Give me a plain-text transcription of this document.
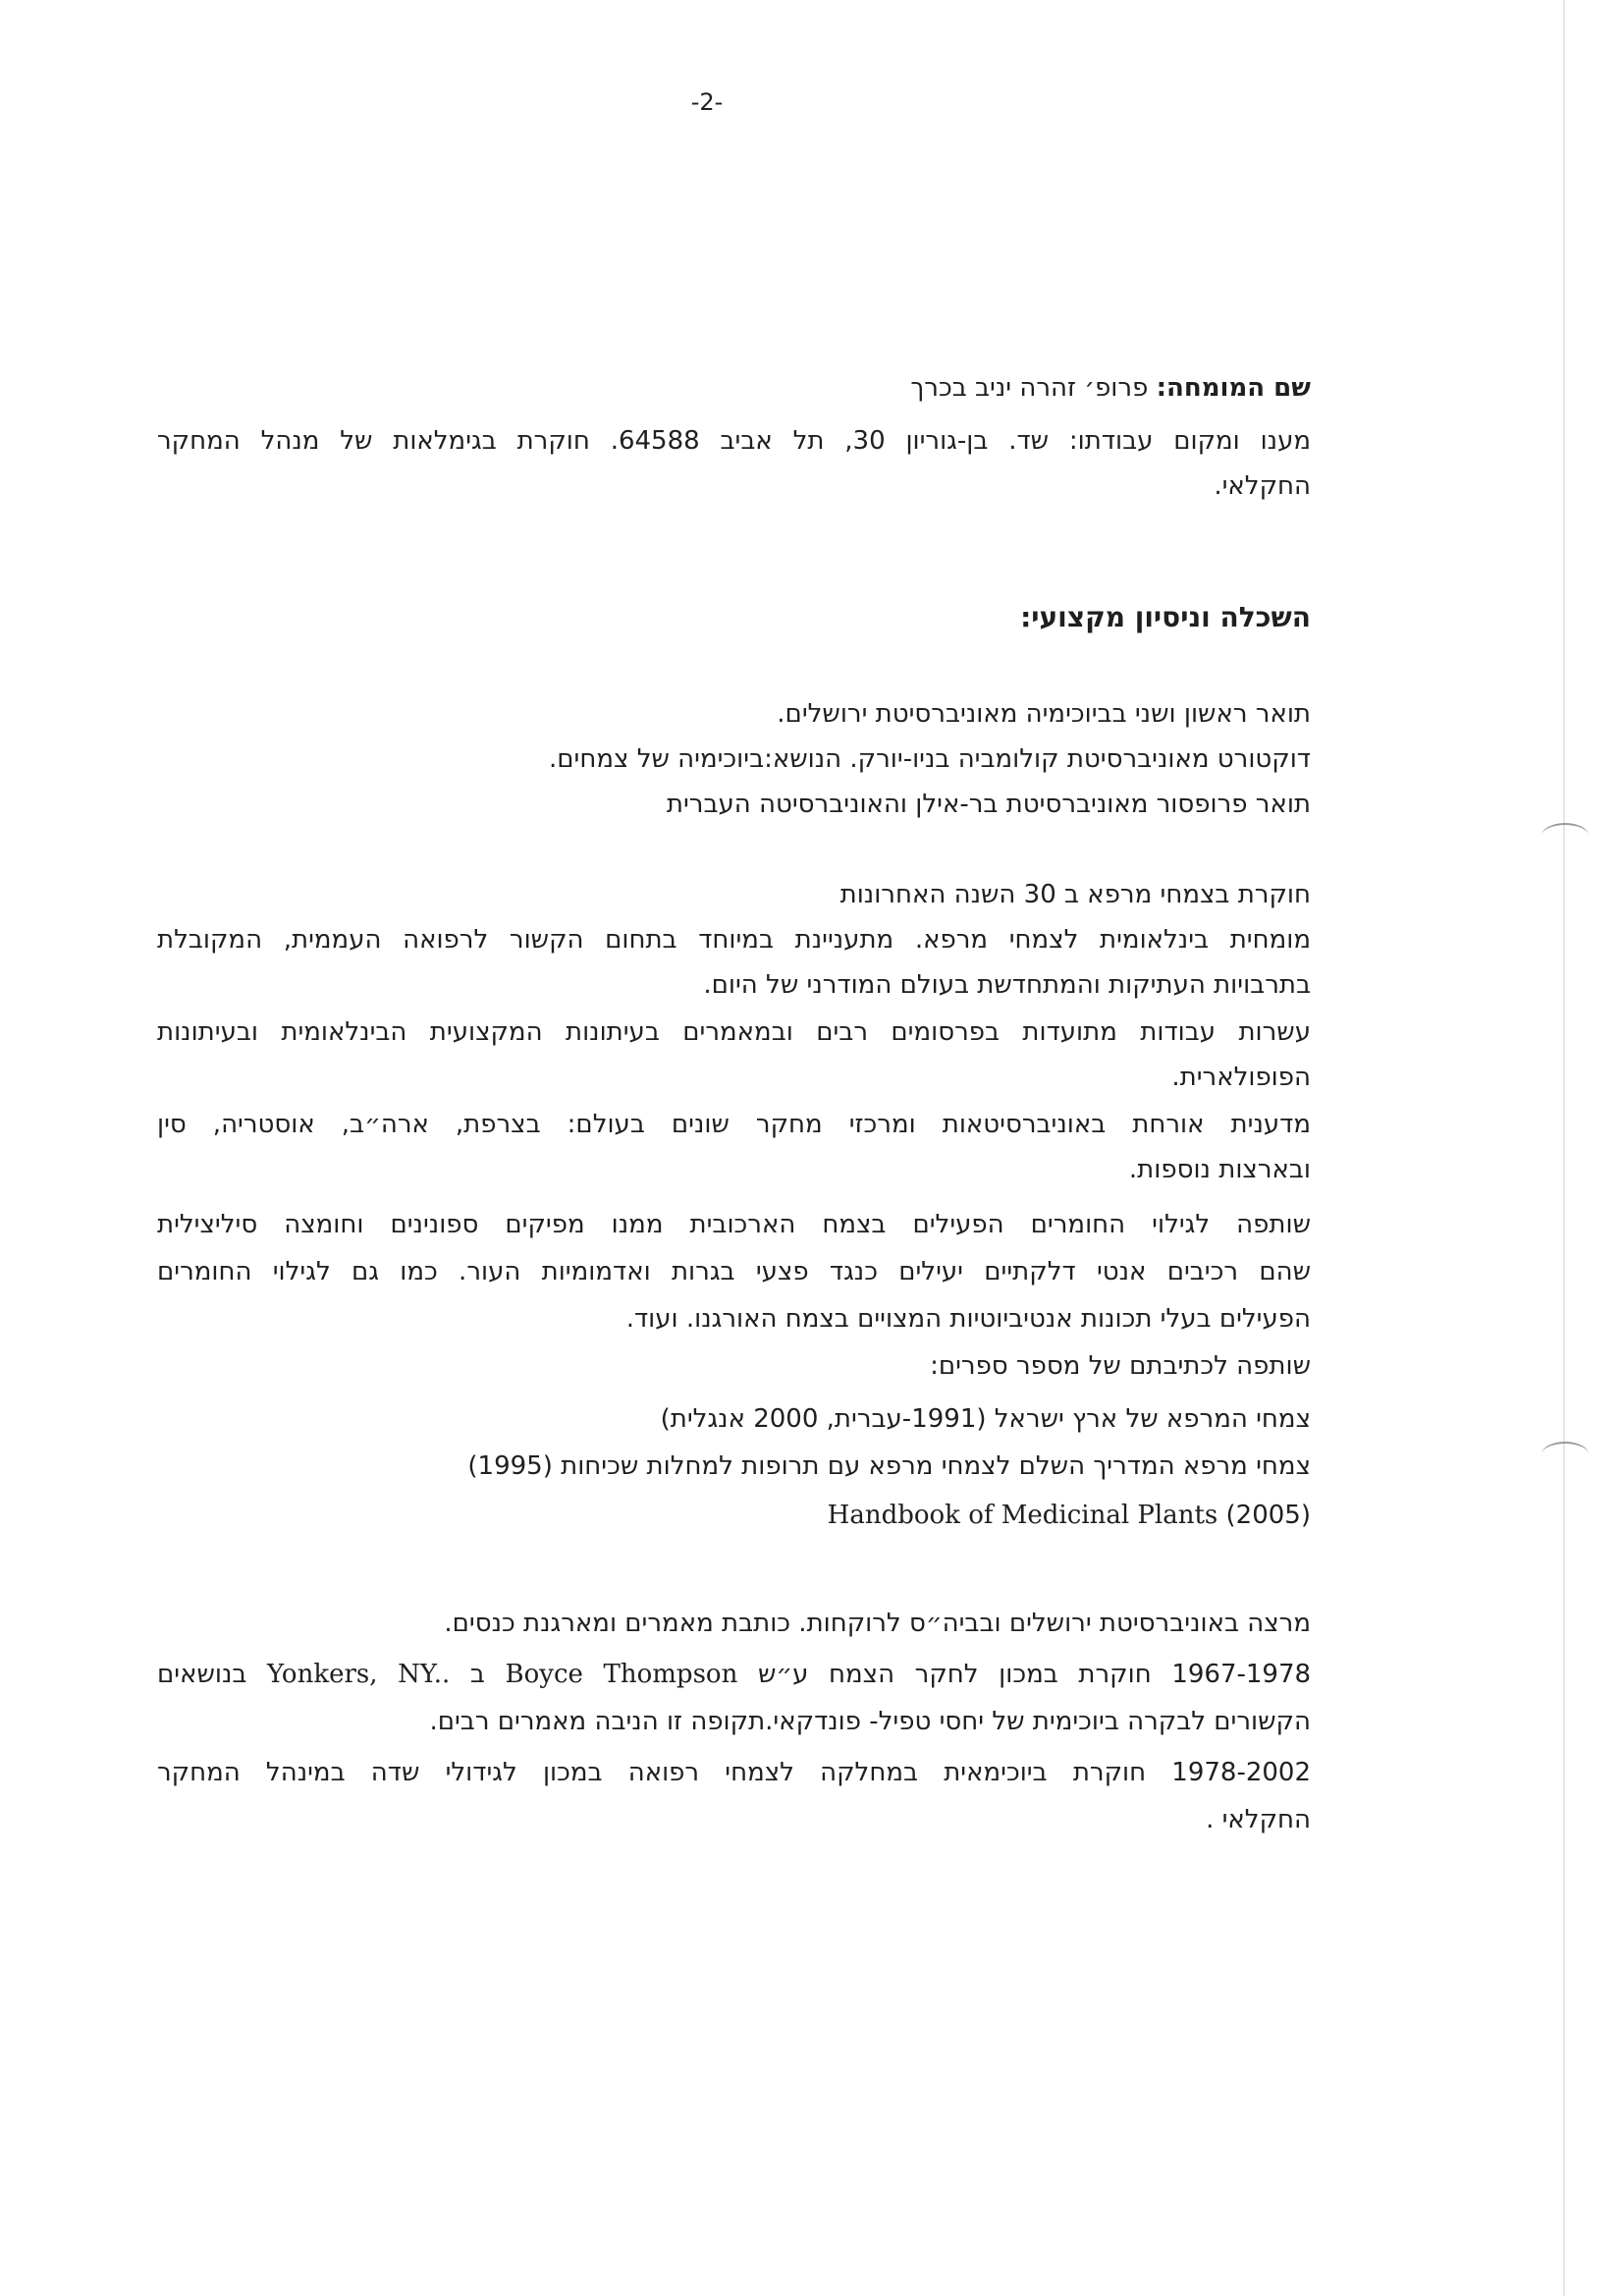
-2-
שם המומחה: פרופ׳ זהרה יניב בכרך
מענו ומקום עבודתו: שד. בן-גוריון 30, תל אביב 64588. חוקרת בגימלאות של מנהל המחקר
החקלאי.
השכלה וניסיון מקצועי:
תואר ראשון ושני בביוכימיה מאוניברסיטת ירושלים.
דוקטורט מאוניברסיטת קולומביה בניו-יורק. הנושא:ביוכימיה של צמחים.
תואר פרופסור מאוניברסיטת בר-אילן והאוניברסיטה העברית
חוקרת בצמחי מרפא ב 30 השנה האחרונות
מומחית בינלאומית לצמחי מרפא. מתעניינת במיוחד בתחום הקשור לרפואה העממית, המקובלת
בתרבויות העתיקות והמתחדשת בעולם המודרני של היום.
עשרות עבודות מתועדות בפרסומים רבים ובמאמרים בעיתונות המקצועית הבינלאומית ובעיתונות
הפופולארית.
מדענית אורחת באוניברסיטאות ומרכזי מחקר שונים בעולם: בצרפת, ארה״ב, אוסטריה, סין
ובארצות נוספות.
שותפה לגילוי החומרים הפעילים בצמח הארכובית ממנו מפיקים ספונינים וחומצה סיליצילית
שהם רכיבים אנטי דלקתיים יעילים כנגד פצעי בגרות ואדמומיות העור. כמו גם לגילוי החומרים
הפעילים בעלי תכונות אנטיביוטיות המצויים בצמח האורגנו. ועוד.
שותפה לכתיבתם של מספר ספרים:
צמחי המרפא של ארץ ישראל (1991-עברית, 2000 אנגלית)
צמחי מרפא המדריך השלם לצמחי מרפא עם תרופות למחלות שכיחות (1995)
Handbook of Medicinal Plants (2005)
מרצה באוניברסיטת ירושלים ובביה״ס לרוקחות. כותבת מאמרים ומארגנת כנסים.
1967-1978 חוקרת במכון לחקר הצמח ע״ש Boyce Thompson ב Yonkers, NY.. בנושאים
הקשורים לבקרה ביוכימית של יחסי טפיל- פונדקאי.תקופה זו הניבה מאמרים רבים.
1978-2002 חוקרת ביוכימאית במחלקה לצמחי רפואה במכון לגידולי שדה במינהל המחקר
החקלאי .
